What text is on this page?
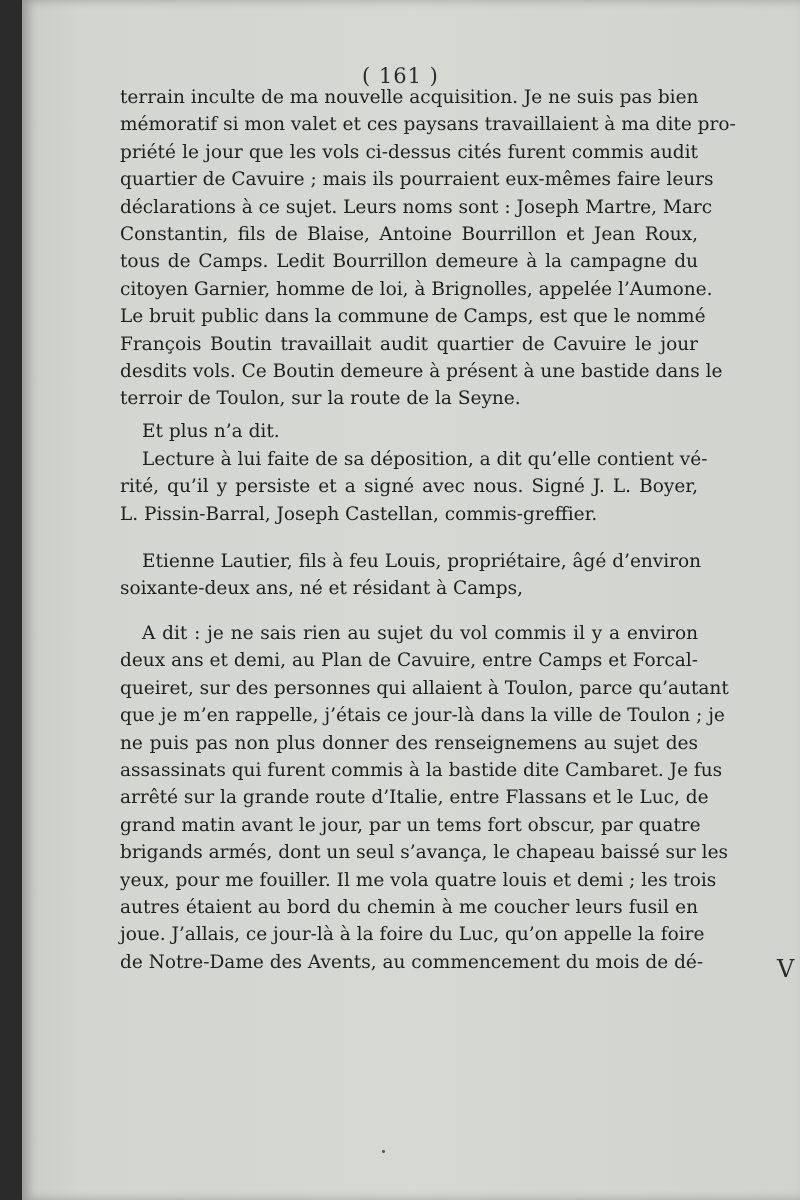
( 161 )
terrain inculte de ma nouvelle acquisition. Je ne suis pas bien
mémoratif si mon valet et ces paysans travaillaient à ma dite pro-
priété le jour que les vols ci-dessus cités furent commis audit
quartier de Cavuire ; mais ils pourraient eux-mêmes faire leurs
déclarations à ce sujet. Leurs noms sont : Joseph Martre, Marc
Constantin, fils de Blaise, Antoine Bourrillon et Jean Roux,
tous de Camps. Ledit Bourrillon demeure à la campagne du
citoyen Garnier, homme de loi, à Brignolles, appelée l’Aumone.
Le bruit public dans la commune de Camps, est que le nommé
François Boutin travaillait audit quartier de Cavuire le jour
desdits vols. Ce Boutin demeure à présent à une bastide dans le
terroir de Toulon, sur la route de la Seyne.
Et plus n’a dit.
Lecture à lui faite de sa déposition, a dit qu’elle contient vé-
rité, qu’il y persiste et a signé avec nous. Signé J. L. Boyer,
L. Pissin-Barral, Joseph Castellan, commis-greffier.
Etienne Lautier, fils à feu Louis, propriétaire, âgé d’environ
soixante-deux ans, né et résidant à Camps,
A dit : je ne sais rien au sujet du vol commis il y a environ
deux ans et demi, au Plan de Cavuire, entre Camps et Forcal-
queiret, sur des personnes qui allaient à Toulon, parce qu’autant
que je m’en rappelle, j’étais ce jour-là dans la ville de Toulon ; je
ne puis pas non plus donner des renseignemens au sujet des
assassinats qui furent commis à la bastide dite Cambaret. Je fus
arrêté sur la grande route d’Italie, entre Flassans et le Luc, de
grand matin avant le jour, par un tems fort obscur, par quatre
brigands armés, dont un seul s’avança, le chapeau baissé sur les
yeux, pour me fouiller. Il me vola quatre louis et demi ; les trois
autres étaient au bord du chemin à me coucher leurs fusil en
joue. J’allais, ce jour-là à la foire du Luc, qu’on appelle la foire
de Notre-Dame des Avents, au commencement du mois de dé-	V
